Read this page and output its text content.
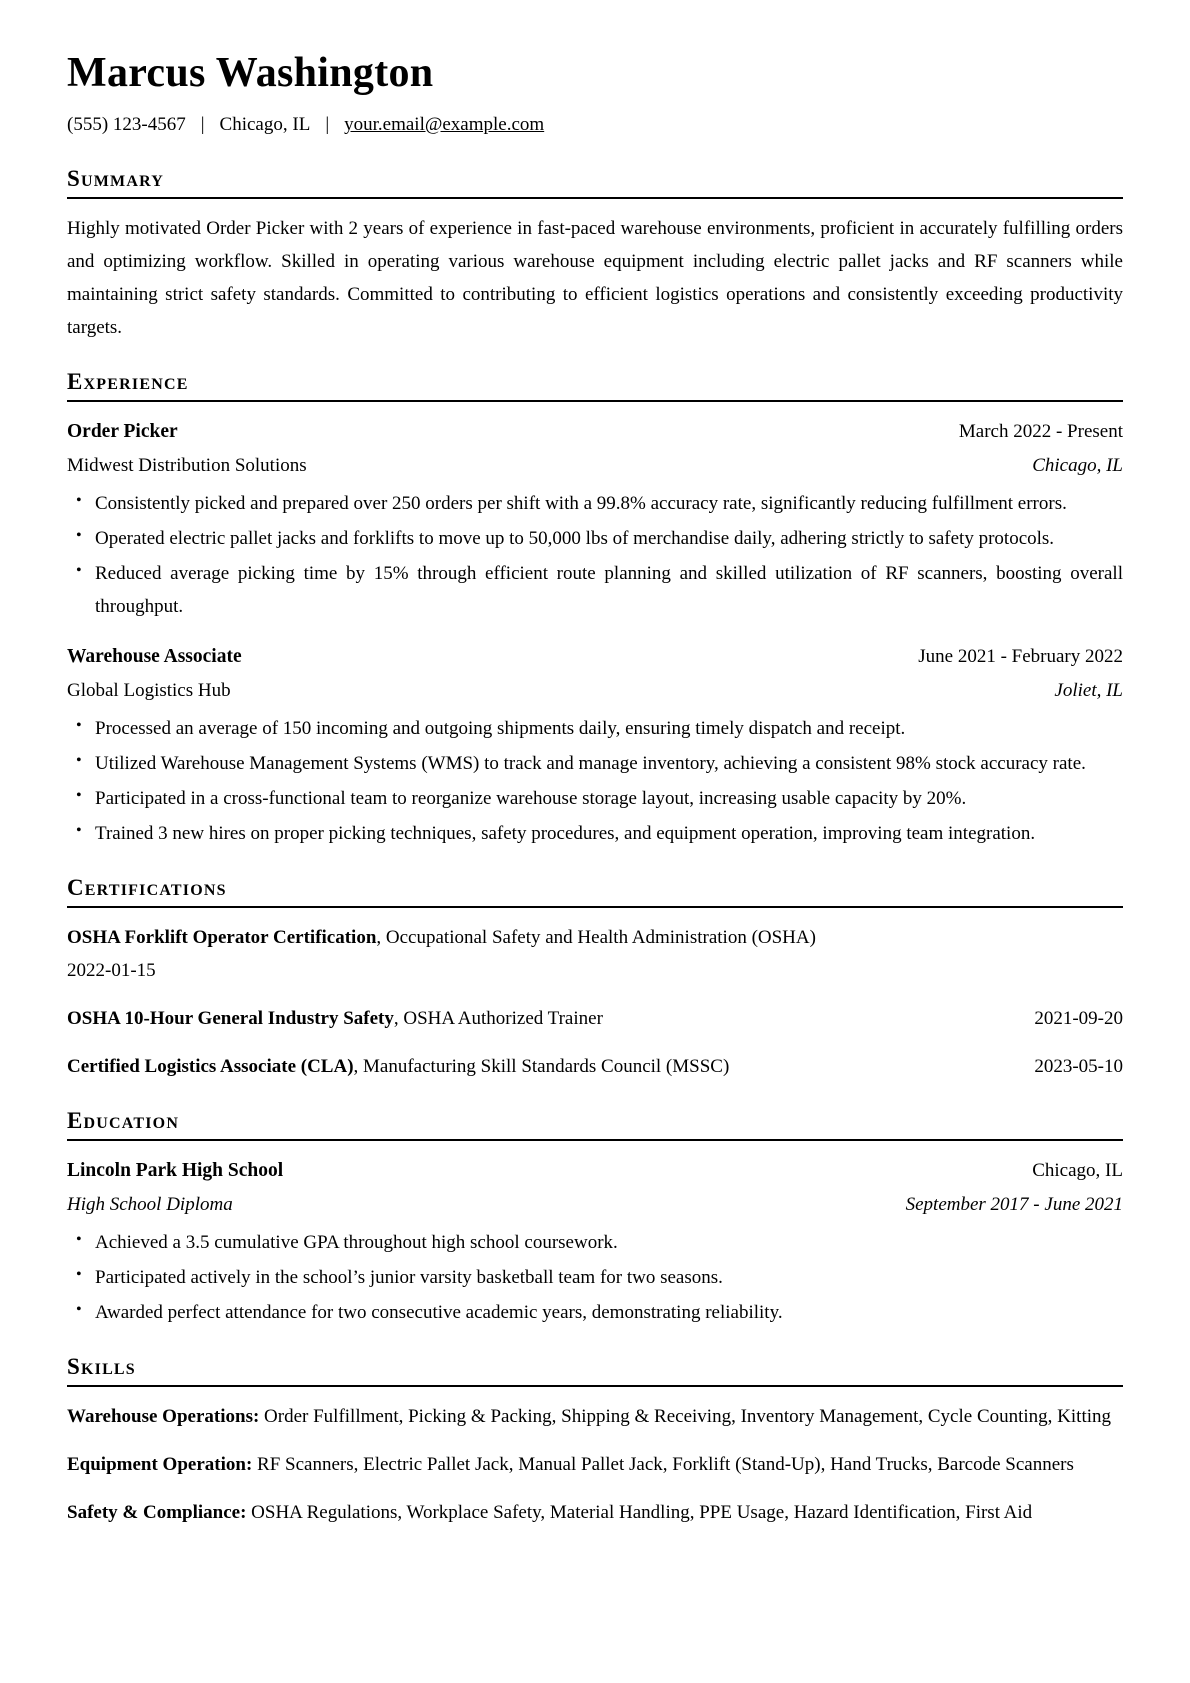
Marcus Washington
(555) 123-4567 | Chicago, IL | your.email@example.com
Summary

Highly motivated Order Picker with 2 years of experience in fast-paced warehouse environments, proficient in accurately fulfilling orders and optimizing workflow. Skilled in operating various warehouse equipment including electric pallet jacks and RF scanners while maintaining strict safety standards. Committed to contributing to efficient logistics operations and consistently exceeding productivity targets.

Experience
Order Picker	March 2022 - Present
Midwest Distribution Solutions	Chicago, IL
• Consistently picked and prepared over 250 orders per shift with a 99.8% accuracy rate, significantly reducing fulfillment errors.
• Operated electric pallet jacks and forklifts to move up to 50,000 lbs of merchandise daily, adhering strictly to safety protocols.
• Reduced average picking time by 15% through efficient route planning and skilled utilization of RF scanners, boosting overall throughput.
Warehouse Associate	June 2021 - February 2022
Global Logistics Hub	Joliet, IL
• Processed an average of 150 incoming and outgoing shipments daily, ensuring timely dispatch and receipt.
• Utilized Warehouse Management Systems (WMS) to track and manage inventory, achieving a consistent 98% stock accuracy rate.
• Participated in a cross-functional team to reorganize warehouse storage layout, increasing usable capacity by 20%.
• Trained 3 new hires on proper picking techniques, safety procedures, and equipment operation, improving team integration.
Certifications
OSHA Forklift Operator Certification , Occupational Safety and Health Administration (OSHA)
2022-01-15
OSHA 10-Hour General Industry Safety , OSHA Authorized Trainer	2021-09-20
Certified Logistics Associate (CLA) , Manufacturing Skill Standards Council (MSSC)	2023-05-10
Education
Lincoln Park High School	Chicago, IL
High School Diploma	September 2017 - June 2021
• Achieved a 3.5 cumulative GPA throughout high school coursework.
• Participated actively in the school’s junior varsity basketball team for two seasons.
• Awarded perfect attendance for two consecutive academic years, demonstrating reliability.
Skills

Warehouse Operations: Order Fulfillment, Picking & Packing, Shipping & Receiving, Inventory Management, Cycle Counting, Kitting

Equipment Operation: RF Scanners, Electric Pallet Jack, Manual Pallet Jack, Forklift (Stand-Up), Hand Trucks, Barcode Scanners

Safety & Compliance: OSHA Regulations, Workplace Safety, Material Handling, PPE Usage, Hazard Identification, First Aid
